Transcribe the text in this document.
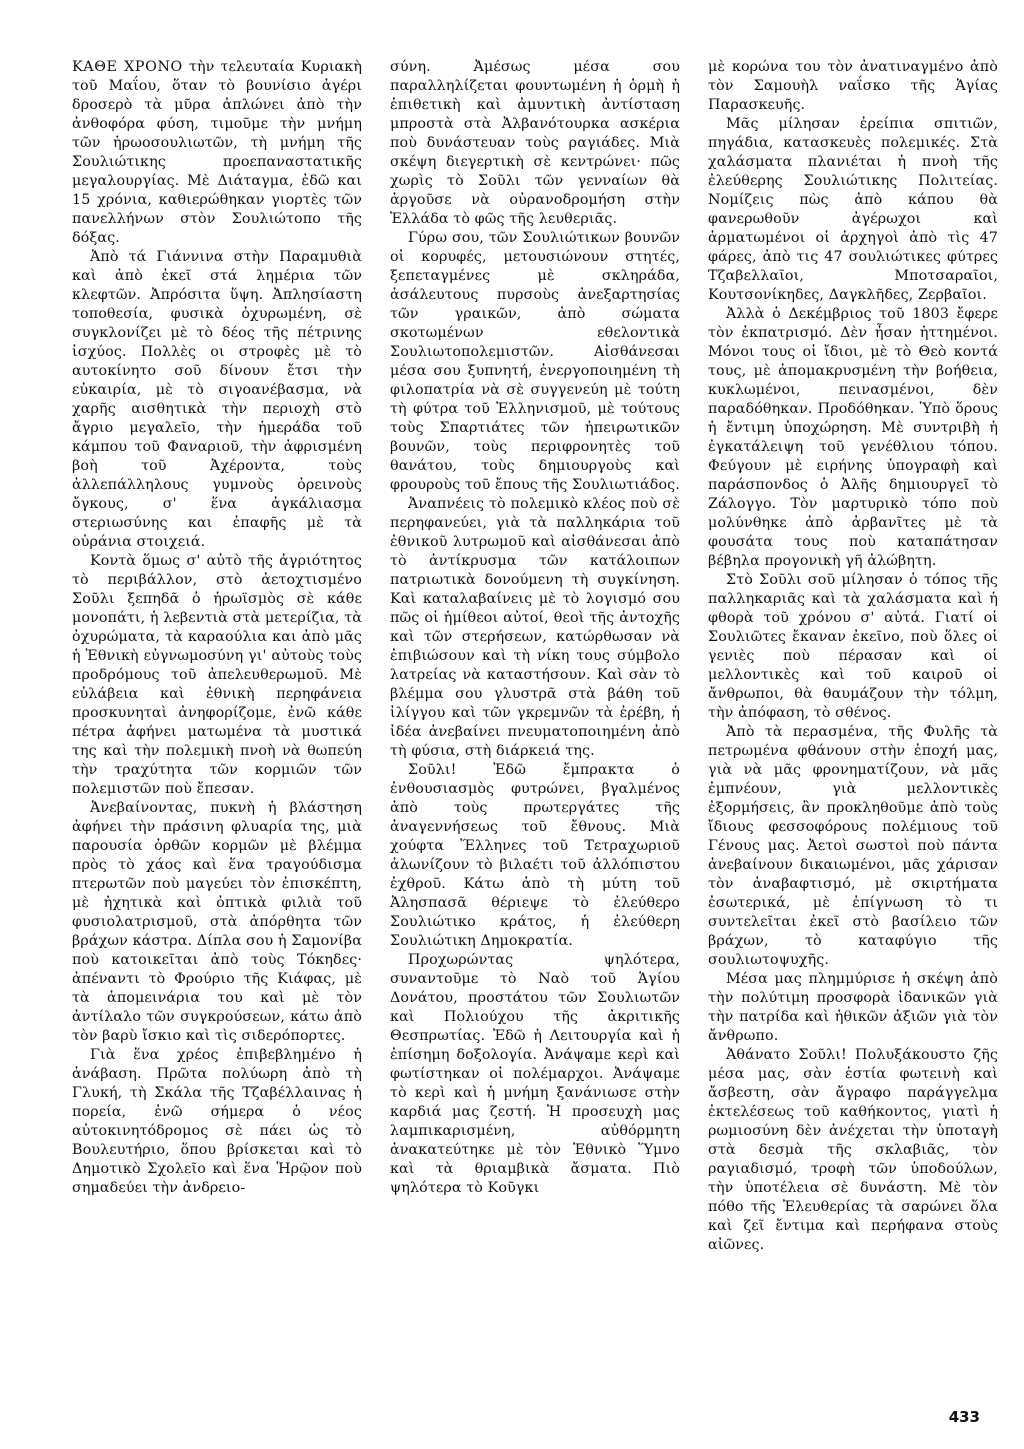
ΚΑΘΕ ΧΡΟΝΟ τὴν τελευταία Κυριακὴ τοῦ Μαΐου, ὅταν τὸ βουνίσιο ἀγέρι δροσερὸ τὰ μῦρα ἁπλώνει ἀπὸ τὴν ἀνθοφόρα φύση, τιμοῦμε τὴν μνήμη τῶν ἡρωοσουλιωτῶν, τὴ μνήμη τῆς Σουλιώτικης προεπαναστατικῆς μεγαλουργίας. Μὲ Διάταγμα, ἐδῶ και 15 χρόνια, καθιερώθηκαν γιορτὲς τῶν πανελλήνων στὸν Σουλιώτοπο τῆς δόξας.

Ἀπὸ τά Γιάννινα στὴν Παραμυθιὰ καὶ ἀπὸ ἐκεῖ στά λημέρια τῶν κλεφτῶν. Ἀπρόσιτα ὕψη. Ἀπλησίαστη τοποθεσία, φυσικὰ ὀχυρωμένη, σὲ συγκλονίζει μὲ τὸ δέος τῆς πέτρινης ἰσχύος. Πολλὲς οι στροφὲς μὲ τὸ αυτοκίνητο σοῦ δίνουν ἔτσι τὴν εὐκαιρία, μὲ τὸ σιγοανέβασμα, νὰ χαρῆς αισθητικὰ τὴν περιοχὴ στὸ ἄγριο μεγαλεῖο, τὴν ἡμεράδα τοῦ κάμπου τοῦ Φαναριοῦ, τὴν ἀφρισμένη βοὴ τοῦ Ἀχέροντα, τοὺς ἀλλεπάλληλους γυμνοὺς ὀρεινοὺς ὄγκους, σ' ἕνα ἀγκάλιασμα στεριωσύνης και ἐπαφῆς μὲ τὰ οὐράνια στοιχειά.

Κοντὰ ὅμως σ' αὐτὸ τῆς ἀγριότητος τὸ περιβάλλον, στὸ ἀετοχτισμένο Σοῦλι ξεπηδᾶ ὁ ἡρωϊσμὸς σὲ κάθε μονοπάτι, ἡ λεβεντιὰ στὰ μετερίζια, τὰ ὀχυρώματα, τὰ καραούλια και ἀπὸ μᾶς ἡ Ἐθνικὴ εὐγνωμοσύνη γι' αὐτοὺς τοὺς προδρόμους τοῦ ἀπελευθερωμοῦ. Μὲ εὐλάβεια καὶ ἐθνικὴ περηφάνεια προσκυνηταὶ ἀνηφορίζομε, ἐνῶ κάθε πέτρα ἀφήνει ματωμένα τὰ μυστικά της καὶ τὴν πολεμικὴ πνοὴ νὰ θωπεύη τὴν τραχύτητα τῶν κορμιῶν τῶν πολεμιστῶν ποὺ ἔπεσαν.

Ἀνεβαίνοντας, πυκνὴ ἡ βλάστηση ἀφήνει τὴν πράσινη φλυαρία της, μιὰ παρουσία ὀρθῶν κορμῶν μὲ βλέμμα πρὸς τὸ χάος καὶ ἕνα τραγούδισμα πτερωτῶν ποὺ μαγεύει τὸν ἐπισκέπτη, μὲ ἠχητικὰ καὶ ὀπτικὰ φιλιὰ τοῦ φυσιολατρισμοῦ, στὰ ἀπόρθητα τῶν βράχων κάστρα. Δίπλα σου ἡ Σαμονίβα ποὺ κατοικεῖται ἀπὸ τοὺς Τόκηδες· ἀπέναντι τὸ Φρούριο τῆς Κιάφας, μὲ τὰ ἀπομεινάρια του καὶ μὲ τὸν ἀντίλαλο τῶν συγκρούσεων, κάτω ἀπὸ τὸν βαρὺ ἴσκιο καὶ τὶς σιδερόπορτες.

Γιὰ ἕνα χρέος ἐπιβεβλημένο ἡ ἀνάβαση. Πρῶτα πολύωρη ἀπὸ τὴ Γλυκή, τὴ Σκάλα τῆς Τζαβέλλαινας ἡ πορεία, ἐνῶ σήμερα ὁ νέος αὐτοκινητόδρομος σὲ πάει ὡς τὸ Βουλευτήριο, ὅπου βρίσκεται καὶ τὸ Δημοτικὸ Σχολεῖο καὶ ἕνα Ἡρῷον ποὺ σημαδεύει τὴν ἀνδρειο-

σύνη. Ἀμέσως μέσα σου παραλληλίζεται φουντωμένη ἡ ὁρμὴ ἡ ἐπιθετικὴ καὶ ἀμυντικὴ ἀντίσταση μπροστὰ στὰ Ἀλβανότουρκα ασκέρια ποὺ δυνάστευαν τοὺς ραγιάδες. Μιὰ σκέψη διεγερτικὴ σὲ κεντρώνει· πῶς χωρὶς τὸ Σοῦλι τῶν γενναίων θὰ ἀργοῦσε νὰ οὐρανοδρομήση στὴν Ἑλλάδα τὸ φῶς τῆς λευθεριᾶς.

Γύρω σου, τῶν Σουλιώτικων βουνῶν οἱ κορυφές, μετουσιώνουν στητές, ξεπεταγμένες μὲ σκληράδα, ἀσάλευτους πυρσοὺς ἀνεξαρτησίας τῶν γραικῶν, ἀπὸ σώματα σκοτωμένων εθελοντικὰ Σουλιωτοπολεμιστῶν. Αἰσθάνεσαι μέσα σου ξυπνητή, ἐνεργοποιημένη τὴ φιλοπατρία νὰ σὲ συγγενεύη μὲ τούτη τὴ φύτρα τοῦ Ἑλληνισμοῦ, μὲ τούτους τοὺς Σπαρτιάτες τῶν ἠπειρωτικῶν βουνῶν, τοὺς περιφρονητὲς τοῦ θανάτου, τοὺς δημιουργοὺς καὶ φρουροὺς τοῦ ἔπους τῆς Σουλιωτιάδος.

Ἀναπνέεις τὸ πολεμικὸ κλέος ποὺ σὲ περηφανεύει, γιὰ τὰ παλληκάρια τοῦ ἐθνικοῦ λυτρωμοῦ καὶ αἰσθάνεσαι ἀπὸ τὸ ἀντίκρυσμα τῶν κατάλοιπων πατριωτικὰ δονούμενη τὴ συγκίνηση. Καὶ καταλαβαίνεις μὲ τὸ λογισμό σου πῶς οἱ ἡμίθεοι αὐτοί, θεοὶ τῆς ἀντοχῆς καὶ τῶν στερήσεων, κατώρθωσαν νὰ ἐπιβιώσουν καὶ τὴ νίκη τους σύμβολο λατρείας νὰ καταστήσουν. Καὶ σὰν τὸ βλέμμα σου γλυστρᾶ στὰ βάθη τοῦ ἰλίγγου καὶ τῶν γκρεμνῶν τὰ ἐρέβη, ἡ ἰδέα ἀνεβαίνει πνευματοποιημένη ἀπὸ τὴ φύσια, στὴ διάρκειά της.

Σοῦλι! Ἐδῶ ἔμπρακτα ὁ ἐνθουσιασμὸς φυτρώνει, βγαλμένος ἀπὸ τοὺς πρωτεργάτες τῆς ἀναγεννήσεως τοῦ ἔθνους. Μιὰ χούφτα Ἕλληνες τοῦ Τετραχωριοῦ ἀλωνίζουν τὸ βιλαέτι τοῦ ἀλλόπιστου ἐχθροῦ. Κάτω ἀπὸ τὴ μύτη τοῦ Ἀλησπασᾶ θέριεψε τὸ ἐλεύθερο Σουλιώτικο κράτος, ἡ ἐλεύθερη Σουλιώτικη Δημοκρατία.

Προχωρώντας ψηλότερα, συναντοῦμε τὸ Ναὸ τοῦ Ἁγίου Δονάτου, προστάτου τῶν Σουλιωτῶν καὶ Πολιούχου τῆς ἀκριτικῆς Θεσπρωτίας. Ἐδῶ ἡ Λειτουργία καὶ ἡ ἐπίσημη δοξολογία. Ἀνάψαμε κερὶ καὶ φωτίστηκαν οἱ πολέμαρχοι. Ἀνάψαμε τὸ κερὶ καὶ ἡ μνήμη ξανάνιωσε στὴν καρδιά μας ζεστή. Ἡ προσευχὴ μας λαμπικαρισμένη, αὐθόρμητη ἀνακατεύτηκε μὲ τὸν Ἐθνικὸ Ὕμνο καὶ τὰ θριαμβικὰ ἄσματα. Πιὸ ψηλότερα τὸ Κοῦγκι

μὲ κορώνα του τὸν ἀνατιναγμένο ἀπὸ τὸν Σαμουὴλ ναΐσκο τῆς Ἁγίας Παρασκευῆς.

Μᾶς μίλησαν ἐρείπια σπιτιῶν, πηγάδια, κατασκευὲς πολεμικές. Στὰ χαλάσματα πλανιέται ἡ πνοὴ τῆς ἐλεύθερης Σουλιώτικης Πολιτείας. Νομίζεις πὼς ἀπὸ κάπου θὰ φανερωθοῦν ἀγέρωχοι καὶ ἁρματωμένοι οἱ ἀρχηγοὶ ἀπὸ τὶς 47 φάρες, ἀπὸ τις 47 σουλιώτικες φύτρες Τζαβελλαῖοι, Μποτσαραῖοι, Κουτσονίκηδες, Δαγκλῆδες, Ζερβαῖοι.

Ἀλλὰ ὁ Δεκέμβριος τοῦ 1803 ἔφερε τὸν ἐκπατρισμό. Δὲν ἦσαν ἡττημένοι. Μόνοι τους οἱ ἴδιοι, μὲ τὸ Θεὸ κοντά τους, μὲ ἀπομακρυσμένη τὴν βοήθεια, κυκλωμένοι, πεινασμένοι, δὲν παραδόθηκαν. Προδόθηκαν. Ὑπὸ ὅρους ἡ ἔντιμη ὑποχώρηση. Μὲ συντριβὴ ἡ ἐγκατάλειψη τοῦ γενέθλιου τόπου. Φεύγουν μὲ ειρήνης ὑπογραφὴ καὶ παράσπονδος ὁ Ἀλῆς δημιουργεῖ τὸ Ζάλογγο. Τὸν μαρτυρικὸ τόπο ποὺ μολύνθηκε ἀπὸ ἀρβανῖτες μὲ τὰ φουσάτα τους ποὺ καταπάτησαν βέβηλα προγονικὴ γῆ ἀλώβητη.

Στὸ Σοῦλι σοῦ μίλησαν ὁ τόπος τῆς παλληκαριᾶς καὶ τὰ χαλάσματα καὶ ἡ φθορὰ τοῦ χρόνου σ' αὐτά. Γιατί οἱ Σουλιῶτες ἔκαναν ἐκεῖνο, ποὺ ὅλες οἱ γενιὲς ποὺ πέρασαν καὶ οἱ μελλοντικὲς καὶ τοῦ καιροῦ οἱ ἄνθρωποι, θὰ θαυμάζουν τὴν τόλμη, τὴν ἀπόφαση, τὸ σθένος.

Ἀπὸ τὰ περασμένα, τῆς Φυλῆς τὰ πετρωμένα φθάνουν στὴν ἐποχή μας, γιὰ νὰ μᾶς φρονηματίζουν, νὰ μᾶς ἐμπνέουν, γιὰ μελλοντικὲς ἐξορμήσεις, ἂν προκληθοῦμε ἀπὸ τοὺς ἴδιους φεσσοφόρους πολέμιους τοῦ Γένους μας. Ἀετοὶ σωστοὶ ποὺ πάντα ἀνεβαίνουν δικαιωμένοι, μᾶς χάρισαν τὸν ἀναβαφτισμό, μὲ σκιρτήματα ἐσωτερικά, μὲ ἐπίγνωση τὸ τι συντελεῖται ἐκεῖ στὸ βασίλειο τῶν βράχων, τὸ καταφύγιο τῆς σουλιωτοψυχῆς.

Μέσα μας πλημμύρισε ἡ σκέψη ἀπὸ τὴν πολύτιμη προσφορὰ ἰδανικῶν γιὰ τὴν πατρίδα καὶ ἠθικῶν ἀξιῶν γιὰ τὸν ἄνθρωπο.

Ἀθάνατο Σοῦλι! Πολυξάκουστο ζῆς μέσα μας, σὰν ἑστία φωτεινὴ καὶ ἄσβεστη, σὰν ἄγραφο παράγγελμα ἐκτελέσεως τοῦ καθήκοντος, γιατὶ ἡ ρωμιοσύνη δὲν ἀνέχεται τὴν ὑποταγὴ στὰ δεσμὰ τῆς σκλαβιᾶς, τὸν ραγιαδισμό, τροφὴ τῶν ὑποδούλων, τὴν ὑποτέλεια σὲ δυνάστη. Μὲ τὸν πόθο τῆς Ἐλευθερίας τὰ σαρώνει ὅλα καὶ ζεῖ ἔντιμα καὶ περήφανα στοὺς αἰῶνες.

433
